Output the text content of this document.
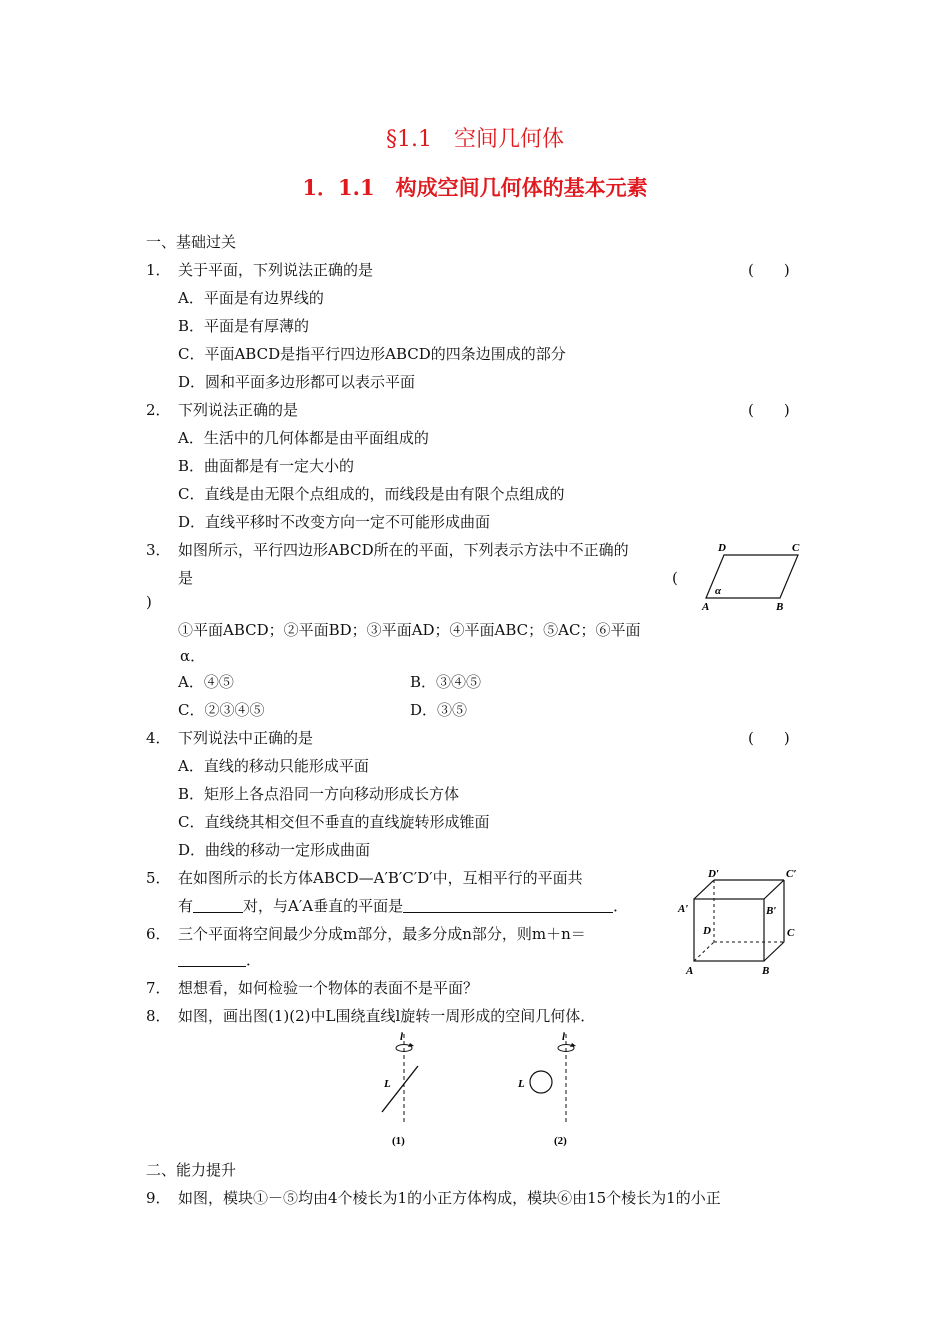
§1.1　空间几何体
1．1.1　构成空间几何体的基本元素
一、基础过关
1． 关于平面，下列说法正确的是	(　　)
A．平面是有边界线的
B．平面是有厚薄的
C．平面ABCD是指平行四边形ABCD的四条边围成的部分
D．圆和平面多边形都可以表示平面
2． 下列说法正确的是	(　　)
A．生活中的几何体都是由平面组成的
B．曲面都是有一定大小的
C．直线是由无限个点组成的，而线段是由有限个点组成的
D．直线平移时不改变方向一定不可能形成曲面
3． 如图所示，平行四边形ABCD所在的平面，下列表示方法中不正确的
是	(
)
①平面ABCD；②平面BD；③平面AD；④平面ABC；⑤AC；⑥平面
α．
A．④⑤	B．③④⑤
C．②③④⑤	D．③⑤
D	C
A	B
α
4． 下列说法中正确的是	(　　)
A．直线的移动只能形成平面
B．矩形上各点沿同一方向移动形成长方体
C．直线绕其相交但不垂直的直线旋转形成锥面
D．曲线的移动一定形成曲面
5． 在如图所示的长方体ABCD—A′B′C′D′中，互相平行的平面共
有	对，与A′A垂直的平面是	．
D′	C′
A′	B′
D	C
A	B
6． 三个平面将空间最少分成m部分，最多分成n部分，则m＋n＝
．
7． 想想看，如何检验一个物体的表面不是平面？
8． 如图，画出图(1)(2)中L围绕直线l旋转一周形成的空间几何体．
l
L
(1)
l
L
(2)
二、能力提升
9． 如图，模块①－⑤均由4个棱长为1的小正方体构成，模块⑥由15个棱长为1的小正
